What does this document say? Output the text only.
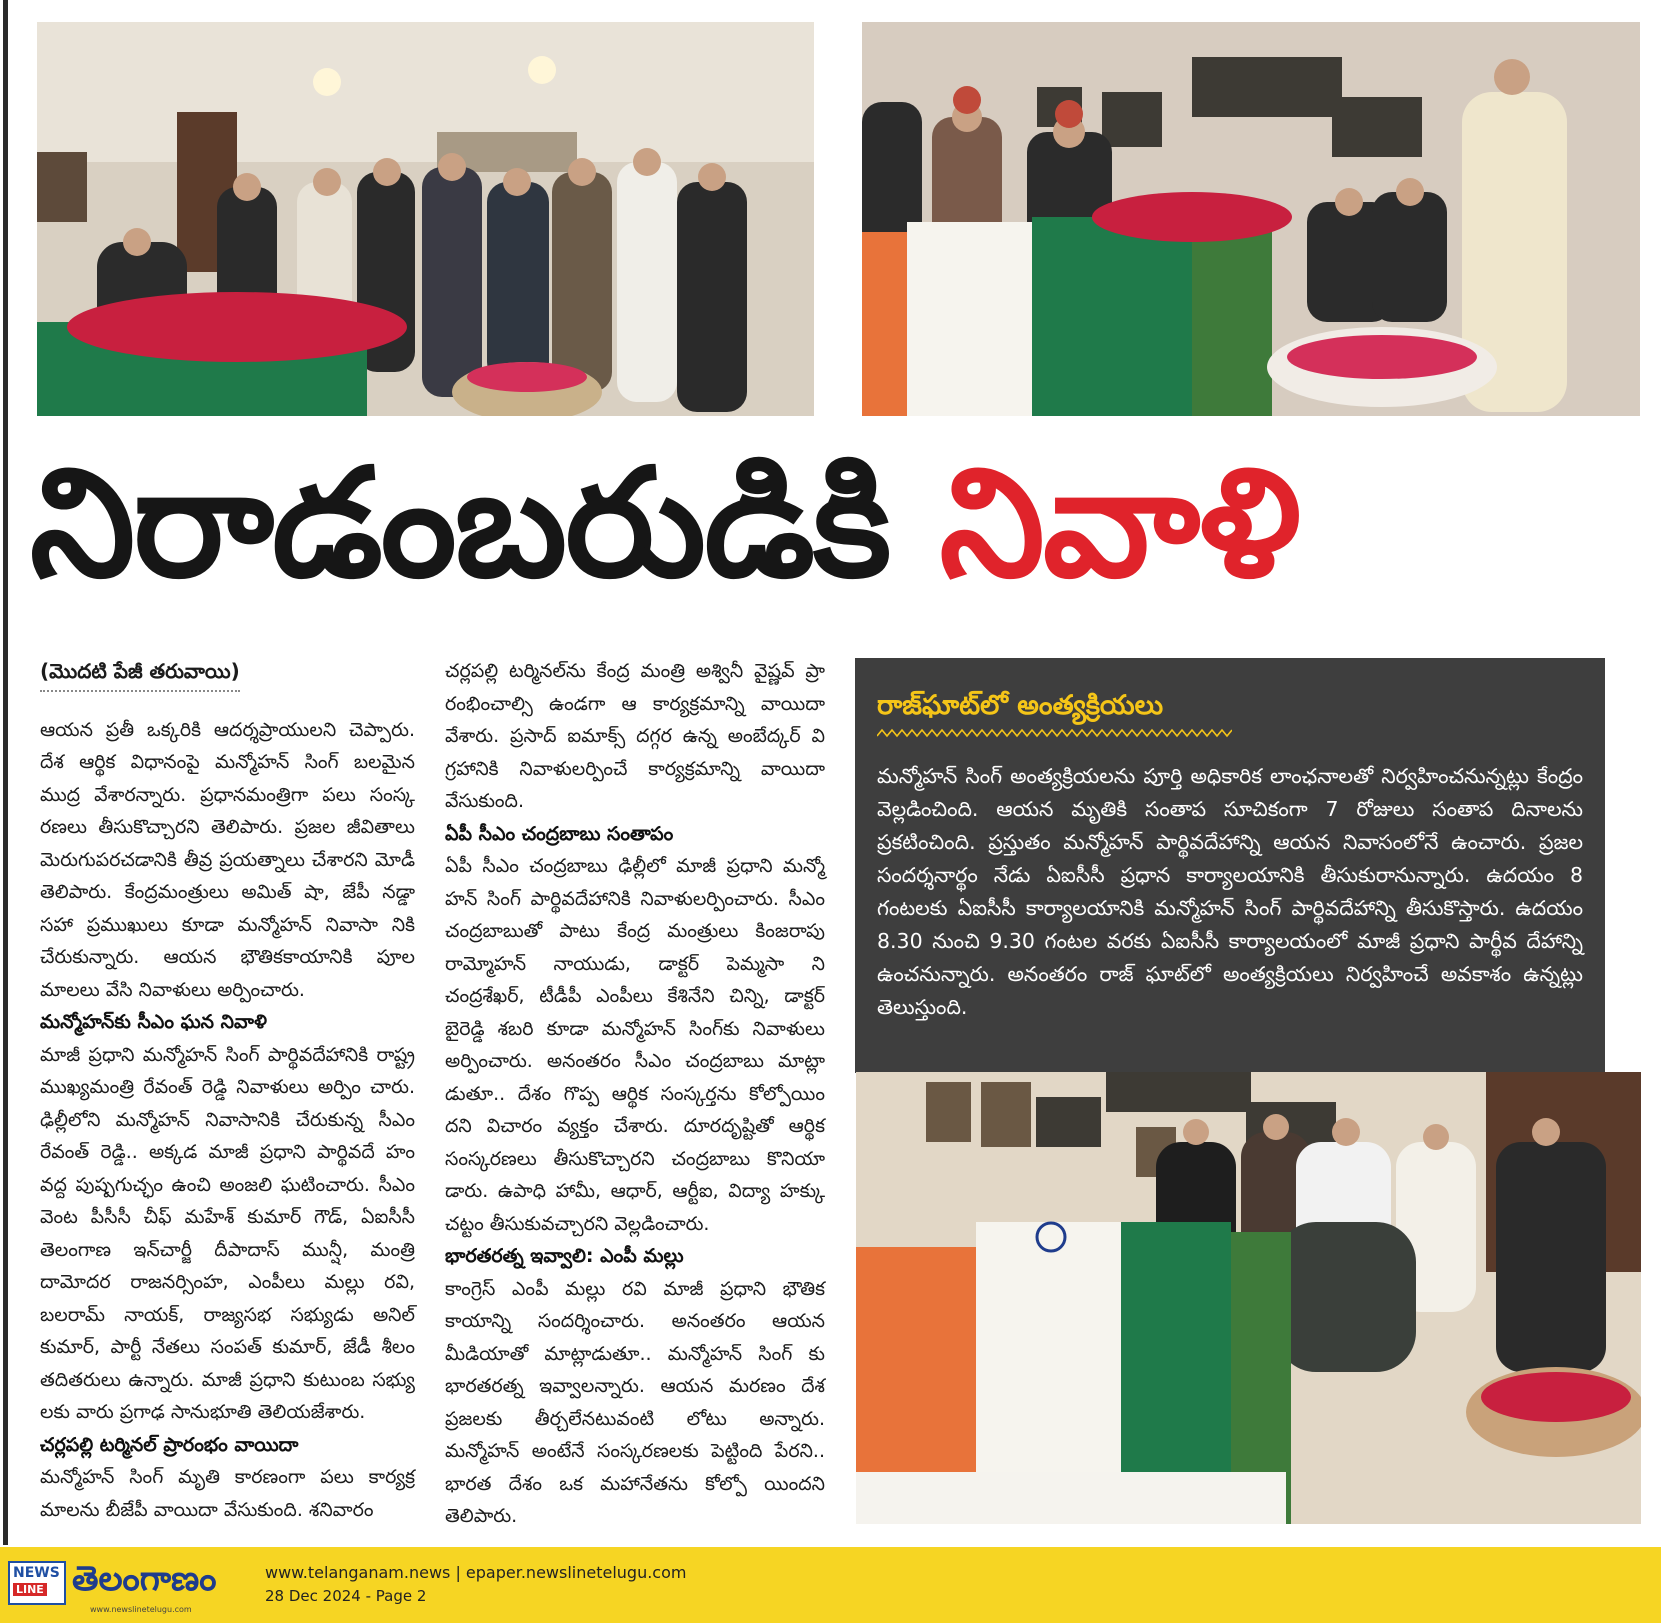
నిరాడంబరుడికి నివాళి
(మొదటి పేజీ తరువాయి)

ఆయన ప్రతీ ఒక్కరికి ఆదర్శప్రాయులని చెప్పారు. దేశ ఆర్థిక విధానంపై మన్మోహన్ సింగ్ బలమైన ముద్ర వేశారన్నారు. ప్రధానమంత్రిగా పలు సంస్క రణలు తీసుకొచ్చారని తెలిపారు. ప్రజల జీవితాలు మెరుగుపరచడానికి తీవ్ర ప్రయత్నాలు చేశారని మోడీ తెలిపారు. కేంద్రమంత్రులు అమిత్ షా, జేపీ నడ్డా సహా ప్రముఖులు కూడా మన్మోహన్ నివాసా నికి చేరుకున్నారు. ఆయన భౌతికకాయానికి పూల మాలలు వేసి నివాళులు అర్పించారు.

మన్మోహన్‌కు సీఎం ఘన నివాళి

మాజీ ప్రధాని మన్మోహన్ సింగ్ పార్థివదేహానికి రాష్ట్ర ముఖ్యమంత్రి రేవంత్ రెడ్డి నివాళులు అర్పిం చారు. ఢిల్లీలోని మన్మోహన్ నివాసానికి చేరుకున్న సీఎం రేవంత్ రెడ్డి.. అక్కడ మాజీ ప్రధాని పార్థివదే హం వద్ద పుష్పగుచ్ఛం ఉంచి అంజలి ఘటించారు. సీఎం వెంట పీసీసీ చీఫ్ మహేశ్ కుమార్ గౌడ్, ఏఐసీసీ తెలంగాణ ఇన్‌చార్జీ దీపాదాస్ మున్షీ, మంత్రి దామోదర రాజనర్సింహ, ఎంపీలు మల్లు రవి, బలరామ్ నాయక్, రాజ్యసభ సభ్యుడు అనిల్ కుమార్, పార్టీ నేతలు సంపత్ కుమార్, జేడీ శీలం తదితరులు ఉన్నారు. మాజీ ప్రధాని కుటుంబ సభ్యు లకు వారు ప్రగాఢ సానుభూతి తెలియజేశారు.

చర్లపల్లి టర్మినల్ ప్రారంభం వాయిదా

మన్మోహన్ సింగ్ మృతి కారణంగా పలు కార్యక్ర మాలను బీజేపీ వాయిదా వేసుకుంది. శనివారం

చర్లపల్లి టర్మినల్‌ను కేంద్ర మంత్రి అశ్వినీ వైష్ణవ్ ప్రా రంభించాల్సి ఉండగా ఆ కార్యక్రమాన్ని వాయిదా వేశారు. ప్రసాద్ ఐమాక్స్ దగ్గర ఉన్న అంబేద్కర్ వి గ్రహానికి నివాళులర్పించే కార్యక్రమాన్ని వాయిదా వేసుకుంది.

ఏపీ సీఎం చంద్రబాబు సంతాపం

ఏపీ సీఎం చంద్రబాబు ఢిల్లీలో మాజీ ప్రధాని మన్మో హన్ సింగ్ పార్థివదేహానికి నివాళులర్పించారు. సీఎం చంద్రబాబుతో పాటు కేంద్ర మంత్రులు కింజరాపు రామ్మోహన్ నాయుడు, డాక్టర్ పెమ్మసా ని చంద్రశేఖర్, టీడీపీ ఎంపీలు కేశినేని చిన్ని, డాక్టర్ బైరెడ్డి శబరి కూడా మన్మోహన్ సింగ్‌కు నివాళులు అర్పించారు. అనంతరం సీఎం చంద్రబాబు మాట్లా డుతూ.. దేశం గొప్ప ఆర్థిక సంస్కర్తను కోల్పోయిం దని విచారం వ్యక్తం చేశారు. దూరదృష్టితో ఆర్థిక సంస్కరణలు తీసుకొచ్చారని చంద్రబాబు కొనియా డారు. ఉపాధి హామీ, ఆధార్, ఆర్టీఐ, విద్యా హక్కు చట్టం తీసుకువచ్చారని వెల్లడించారు.

భారతరత్న ఇవ్వాలి: ఎంపీ మల్లు

కాంగ్రెస్ ఎంపీ మల్లు రవి మాజీ ప్రధాని భౌతిక కాయాన్ని సందర్శించారు. అనంతరం ఆయన మీడియాతో మాట్లాడుతూ.. మన్మోహన్ సింగ్ కు భారతరత్న ఇవ్వాలన్నారు. ఆయన మరణం దేశ ప్రజలకు తీర్చలేనటువంటి లోటు అన్నారు. మన్మోహన్ అంటేనే సంస్కరణలకు పెట్టింది పేరని.. భారత దేశం ఒక మహానేతను కోల్పో యిందని తెలిపారు.

రాజ్‌ఘాట్‌లో అంత్యక్రియలు

మన్మోహన్ సింగ్ అంత్యక్రియలను పూర్తి అధికారిక లాంఛనాలతో నిర్వహించనున్నట్లు కేంద్రం వెల్లడించింది. ఆయన మృతికి సంతాప సూచికంగా 7 రోజులు సంతాప దినాలను ప్రకటించింది. ప్రస్తుతం మన్మోహన్ పార్థివదేహాన్ని ఆయన నివాసంలోనే ఉంచారు. ప్రజల సందర్శనార్థం నేడు ఏఐసీసీ ప్రధాన కార్యాలయానికి తీసుకురానున్నారు. ఉదయం 8 గంటలకు ఏఐసీసీ కార్యాలయానికి మన్మోహన్ సింగ్ పార్థివదేహాన్ని తీసుకొస్తారు. ఉదయం 8.30 నుంచి 9.30 గంటల వరకు ఏఐసీసీ కార్యాలయంలో మాజీ ప్రధాని పార్థీవ దేహాన్ని ఉంచనున్నారు. అనంతరం రాజ్ ఘాట్‌లో అంత్యక్రియలు నిర్వహించే అవకాశం ఉన్నట్లు తెలుస్తుంది.

NEWS
LINE తెలంగాణం
www.newslinetelugu.com
www.telanganam.news | epaper.newslinetelugu.com
28 Dec 2024 - Page 2
